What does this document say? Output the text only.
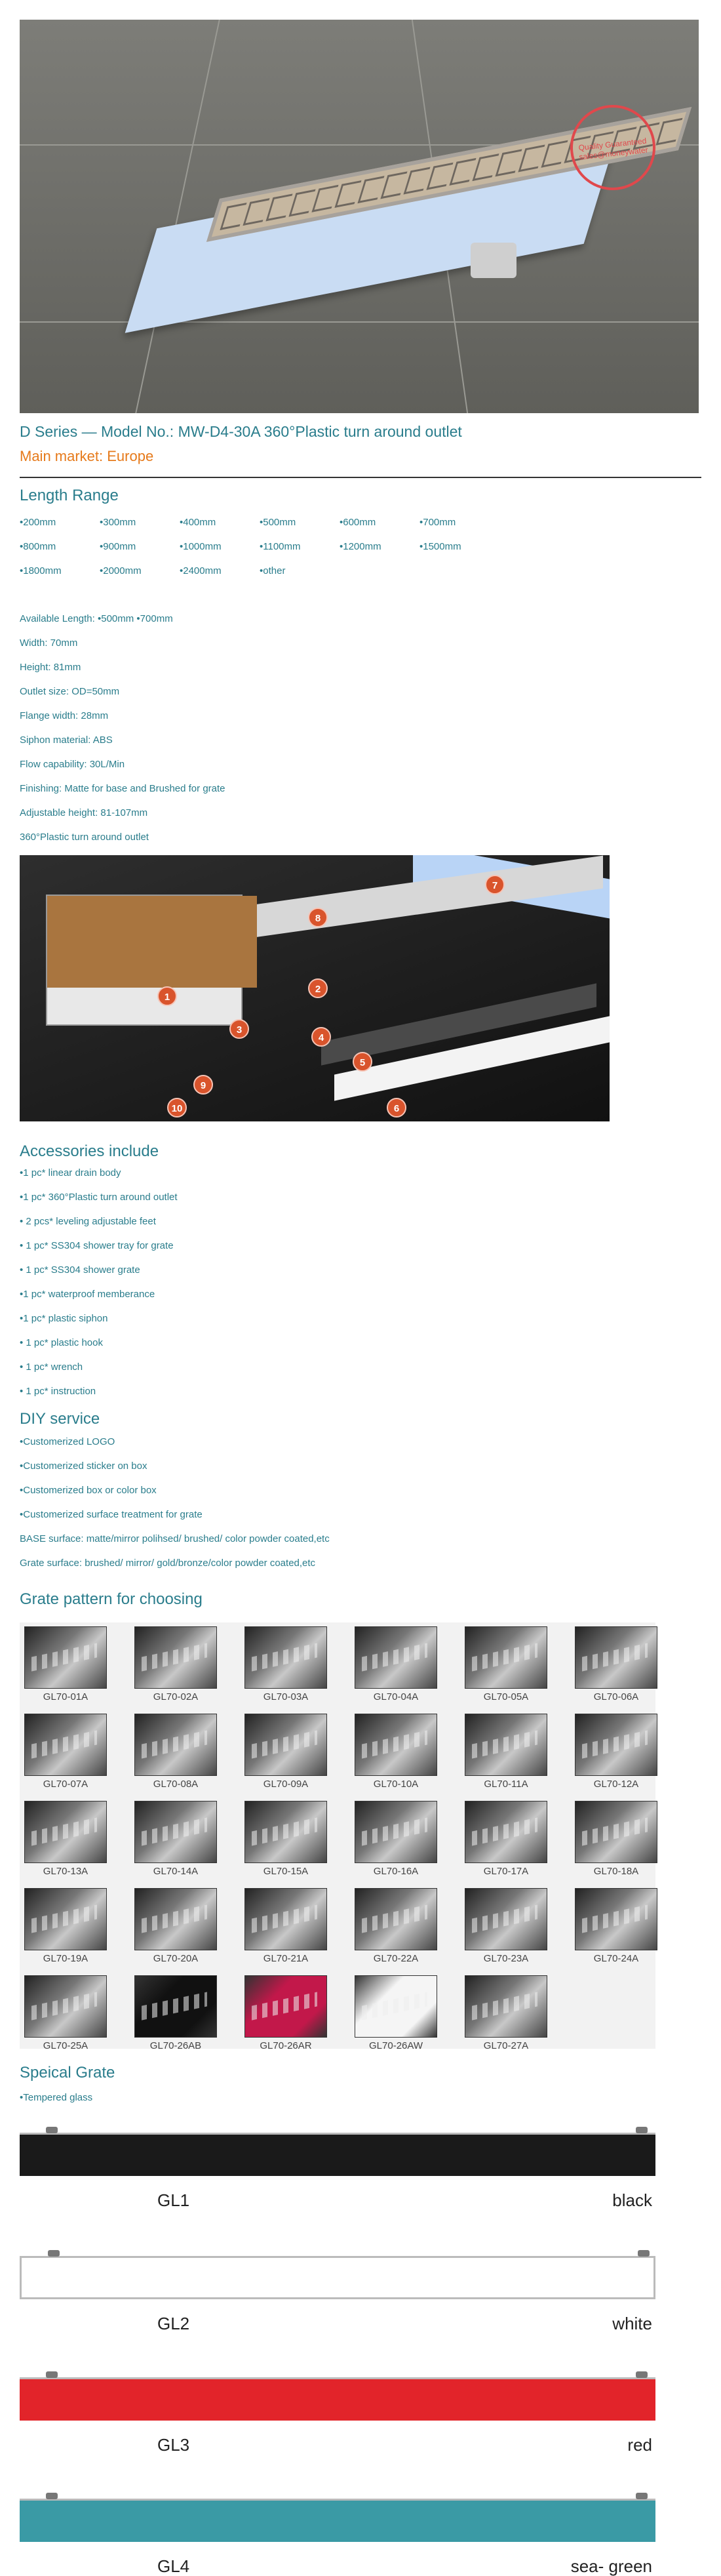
Quality Guaranteed sales@moneywater
D Series — Model No.: MW-D4-30A 360°Plastic turn around outlet
Main market: Europe
Length Range
•200mm	•300mm	•400mm	•500mm	•600mm	•700mm
•800mm	•900mm	•1000mm	•1100mm	•1200mm	•1500mm
•1800mm	•2000mm	•2400mm	•other
Available Length: •500mm •700mm
Width: 70mm
Height: 81mm
Outlet size: OD=50mm
Flange width: 28mm
Siphon material: ABS
Flow capability: 30L/Min
Finishing: Matte for base and Brushed for grate
Adjustable height: 81-107mm
360°Plastic turn around outlet
1
2
3
4
5
6
7
8
9
10
Accessories include
•1 pc* linear drain body
•1 pc* 360°Plastic turn around outlet
• 2 pcs* leveling adjustable feet
• 1 pc* SS304 shower tray for grate
• 1 pc* SS304 shower grate
•1 pc* waterproof memberance
•1 pc* plastic siphon
• 1 pc* plastic hook
• 1 pc* wrench
• 1 pc* instruction
DIY service
•Customerized LOGO
•Customerized sticker on box
•Customerized box or color box
•Customerized surface treatment for grate
BASE surface: matte/mirror polihsed/ brushed/ color powder coated,etc
Grate surface: brushed/ mirror/ gold/bronze/color powder coated,etc
Grate pattern for choosing
GL70-01A	GL70-02A	GL70-03A	GL70-04A	GL70-05A	GL70-06A
GL70-07A	GL70-08A	GL70-09A	GL70-10A	GL70-11A	GL70-12A
GL70-13A	GL70-14A	GL70-15A	GL70-16A	GL70-17A	GL70-18A
GL70-19A	GL70-20A	GL70-21A	GL70-22A	GL70-23A	GL70-24A
GL70-25A	GL70-26AB	GL70-26AR	GL70-26AW	GL70-27A
Speical Grate
•Tempered glass
GL1	black
GL2	white
GL3	red
GL4	sea- green
